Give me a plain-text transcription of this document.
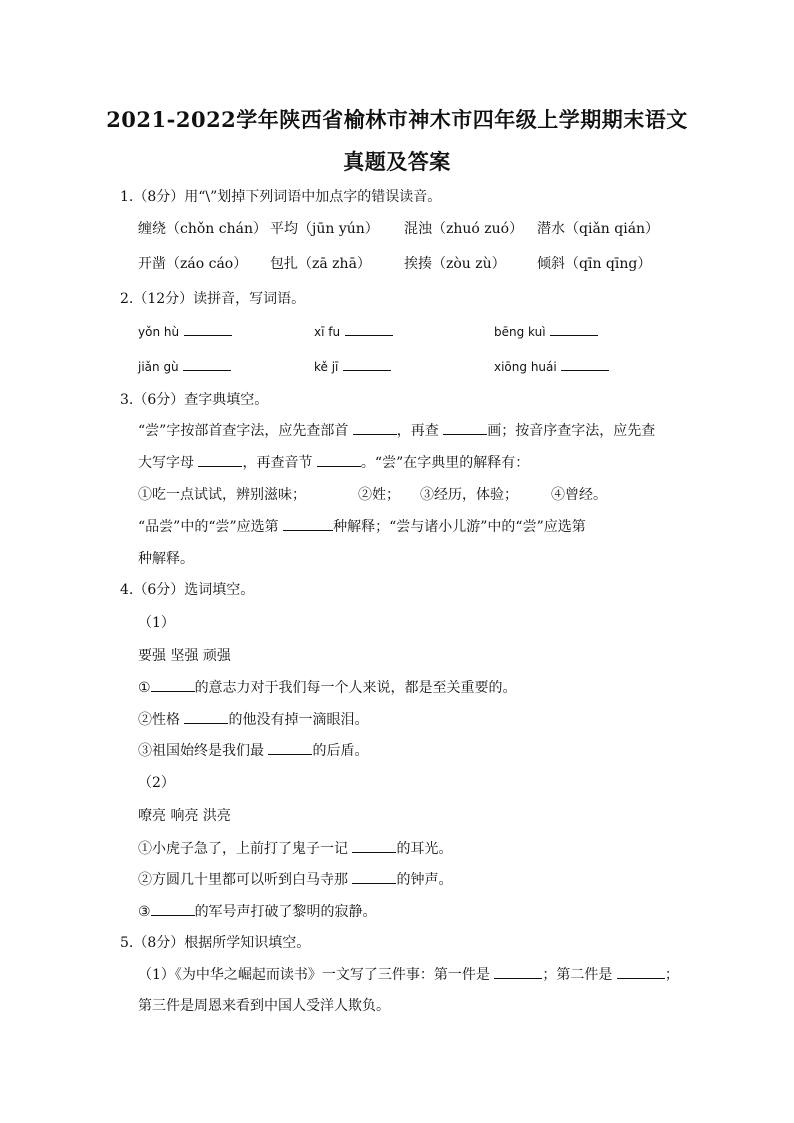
2021-2022学年陕西省榆林市神木市四年级上学期期末语文
真题及答案
1.（8分）用“\”划掉下列词语中加点字的错误读音。
缠绕（chǒn chán） 平均（jūn yún） 混浊（zhuó zuó） 潜水（qiǎn qián）
开凿（záo cáo） 包扎（zā zhā） 挨揍（zòu zù） 倾斜（qīn qīng）
2.（12分）读拼音，写词语。
yǒn hù	xī fu	bēng kuì
jiǎn gù	kě jī	xiōng huái
3.（6分）查字典填空。
“尝”字按部首查字法，应先查部首	，再查	画；按音序查字法，应先查
大写字母	，再查音节	。“尝”在字典里的解释有：
①吃一点试试，辨别滋味；	②姓； ③经历，体验； ④曾经。
“品尝”中的“尝”应选第	种解释；“尝与诸小儿游”中的“尝”应选第
种解释。
4.（6分）选词填空。
（1）
要强 坚强 顽强
①	的意志力对于我们每一个人来说，都是至关重要的。
②性格	的他没有掉一滴眼泪。
③祖国始终是我们最	的后盾。
（2）
嘹亮 响亮 洪亮
①小虎子急了，上前打了鬼子一记	的耳光。
②方圆几十里都可以听到白马寺那	的钟声。
③	的军号声打破了黎明的寂静。
5.（8分）根据所学知识填空。
（1）《为中华之崛起而读书》一文写了三件事：第一件是	；第二件是	；
第三件是周恩来看到中国人受洋人欺负。
